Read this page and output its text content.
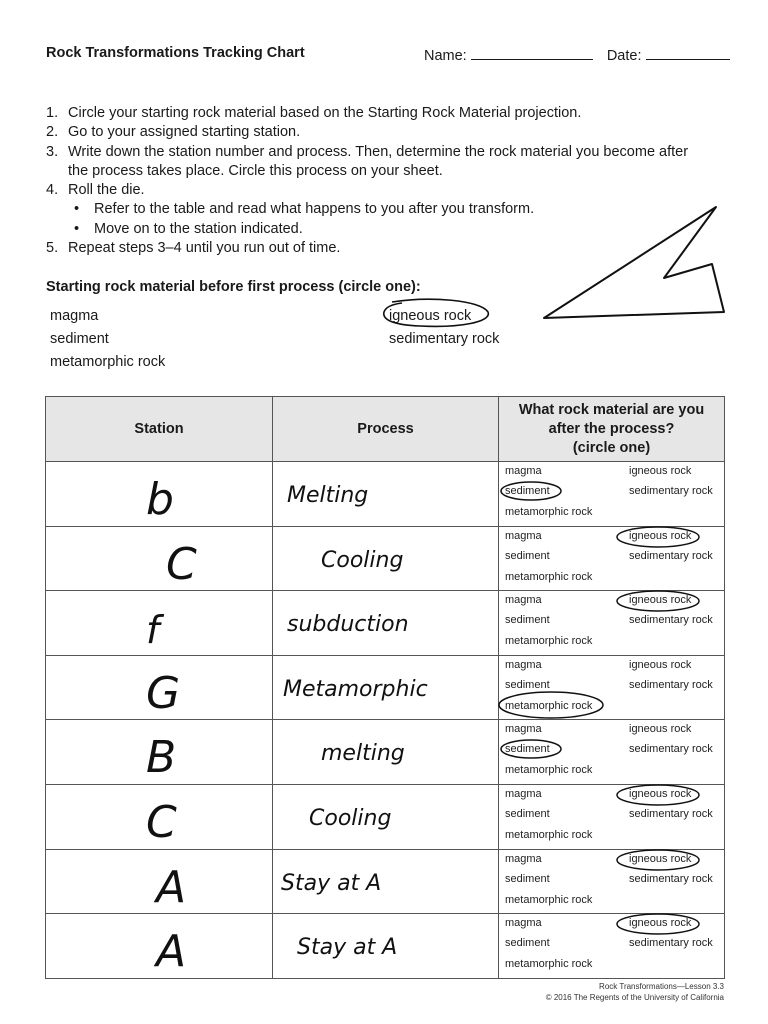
Rock Transformations Tracking Chart	Name:	Date:
1. Circle your starting rock material based on the Starting Rock Material projection.
2. Go to your assigned starting station.
3. Write down the station number and process. Then, determine the rock material you become after the process takes place. Circle this process on your sheet.
4. Roll the die.
• Refer to the table and read what happens to you after you transform.
• Move on to the station indicated.
5. Repeat steps 3–4 until you run out of time.
Starting rock material before first process (circle one):
magma
sediment
metamorphic rock
igneous rock
sedimentary rock
Station	Process	What rock material are you
after the process?
(circle one)

b	Melting	magma
sediment
metamorphic rock
igneous rock
sedimentary rock

C	Cooling	magma
sediment
metamorphic rock
igneous rock
sedimentary rock

f	subduction	magma
sediment
metamorphic rock
igneous rock
sedimentary rock

G	Metamorphic	magma
sediment
metamorphic rock
igneous rock
sedimentary rock

B	melting	magma
sediment
metamorphic rock
igneous rock
sedimentary rock

C	Cooling	magma
sediment
metamorphic rock
igneous rock
sedimentary rock

A	Stay at A	magma
sediment
metamorphic rock
igneous rock
sedimentary rock

A	Stay at A	magma
sediment
metamorphic rock
igneous rock
sedimentary rock
Rock Transformations—Lesson 3.3
© 2016 The Regents of the University of California
